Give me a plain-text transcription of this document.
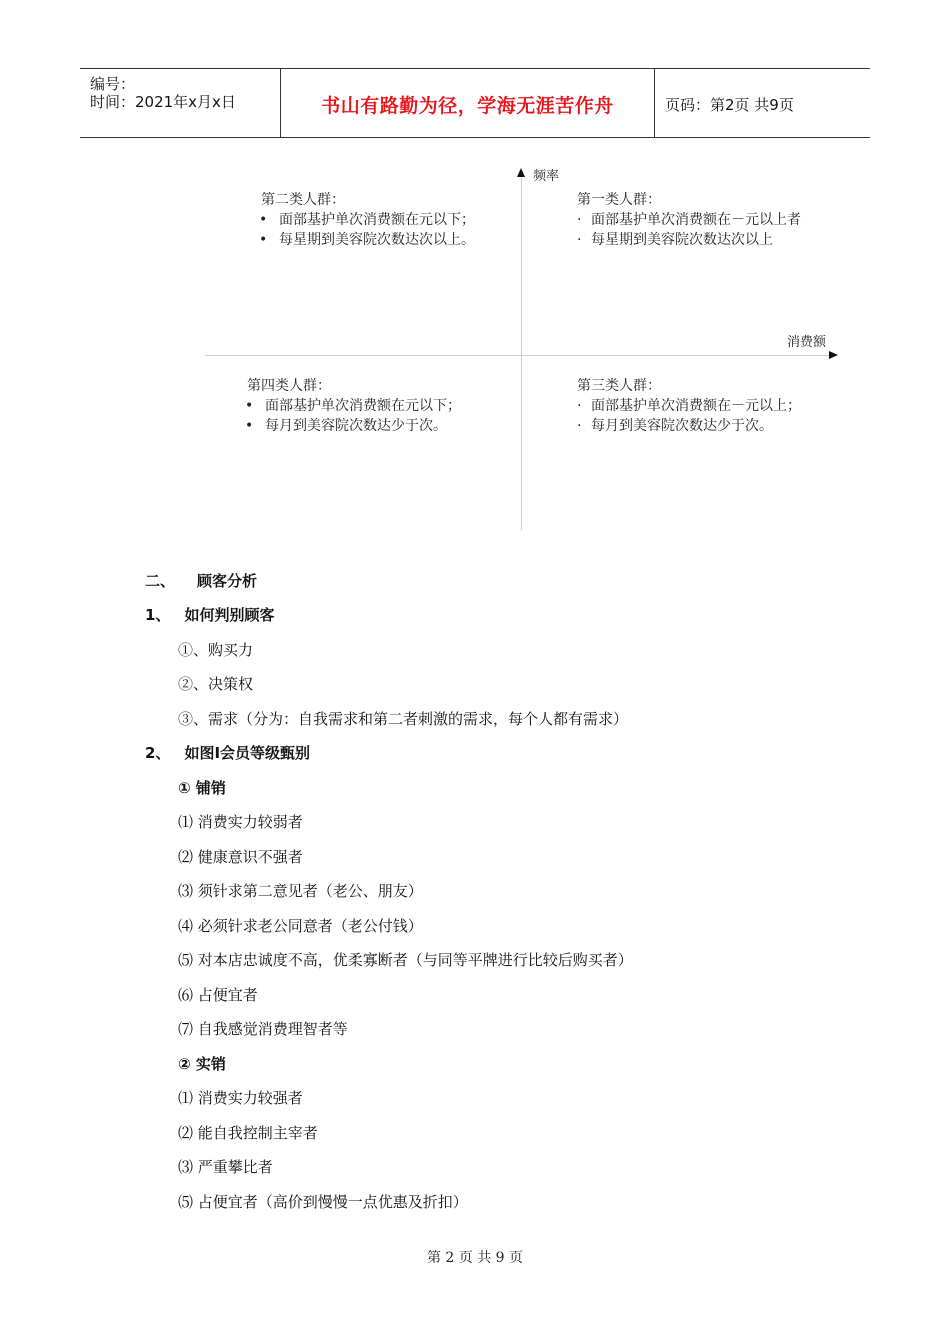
编号：
时间：2021年x月x日	书山有路勤为径，学海无涯苦作舟	页码：第2页 共9页
频率
消费额
第二类人群：
• 面部基护单次消费额在元以下；
• 每星期到美容院次数达次以上。
第一类人群：
· 面部基护单次消费额在－元以上者
· 每星期到美容院次数达次以上
第四类人群：
• 面部基护单次消费额在元以下；
• 每月到美容院次数达少于次。
第三类人群：
· 面部基护单次消费额在－元以上；
· 每月到美容院次数达少于次。
二、 顾客分析
1、 如何判别顾客
①、购买力
②、决策权
③、需求（分为：自我需求和第二者刺激的需求，每个人都有需求）
2、 如图Ⅰ会员等级甄别
① 铺销
⑴ 消费实力较弱者
⑵ 健康意识不强者
⑶ 须针求第二意见者（老公、朋友）
⑷ 必须针求老公同意者（老公付钱）
⑸ 对本店忠诚度不高，优柔寡断者（与同等平牌进行比较后购买者）
⑹ 占便宜者
⑺ 自我感觉消费理智者等
② 实销
⑴ 消费实力较强者
⑵ 能自我控制主宰者
⑶ 严重攀比者
⑸ 占便宜者（高价到慢慢一点优惠及折扣）
第 2 页 共 9 页
